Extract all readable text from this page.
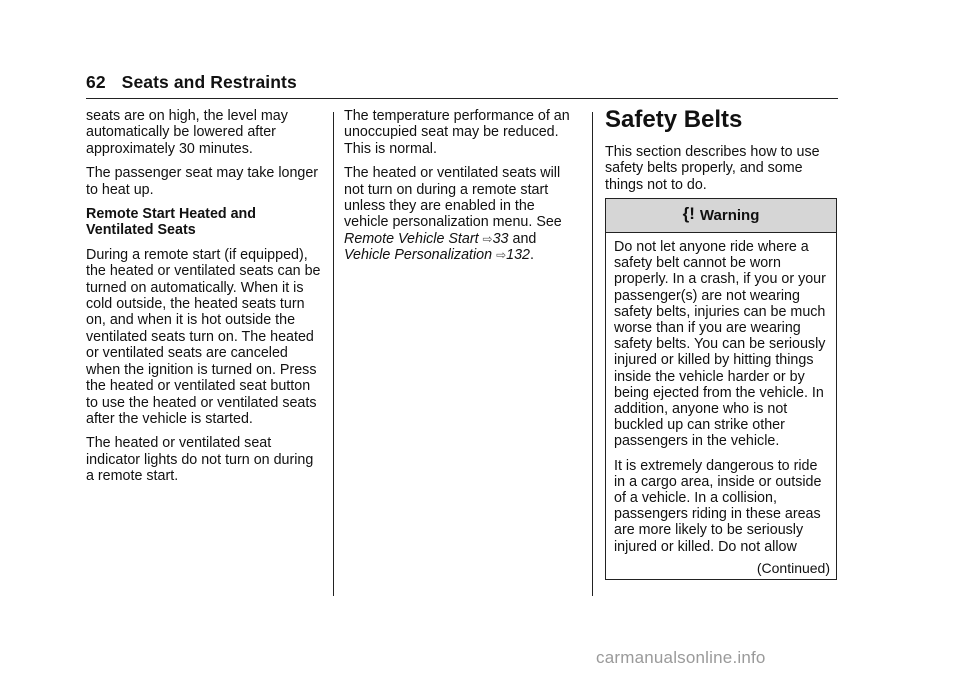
62 Seats and Restraints

seats are on high, the level may automatically be lowered after approximately 30 minutes.

The passenger seat may take longer to heat up.

Remote Start Heated and Ventilated Seats

During a remote start (if equipped), the heated or ventilated seats can be turned on automatically. When it is cold outside, the heated seats turn on, and when it is hot outside the ventilated seats turn on. The heated or ventilated seats are canceled when the ignition is turned on. Press the heated or ventilated seat button to use the heated or ventilated seats after the vehicle is started.

The heated or ventilated seat indicator lights do not turn on during a remote start.

The temperature performance of an unoccupied seat may be reduced. This is normal.

The heated or ventilated seats will not turn on during a remote start unless they are enabled in the vehicle personalization menu. See Remote Vehicle Start ⇨33 and Vehicle Personalization ⇨132.

Safety Belts

This section describes how to use safety belts properly, and some things not to do.

{! Warning

Do not let anyone ride where a safety belt cannot be worn properly. In a crash, if you or your passenger(s) are not wearing safety belts, injuries can be much worse than if you are wearing safety belts. You can be seriously injured or killed by hitting things inside the vehicle harder or by being ejected from the vehicle. In addition, anyone who is not buckled up can strike other passengers in the vehicle.

It is extremely dangerous to ride in a cargo area, inside or outside of a vehicle. In a collision, passengers riding in these areas are more likely to be seriously injured or killed. Do not allow

(Continued)
carmanualsonline.info
